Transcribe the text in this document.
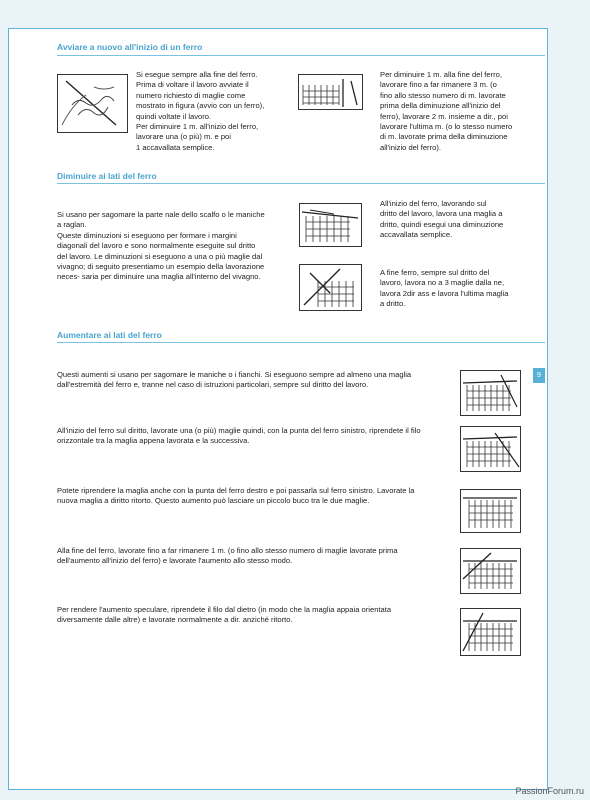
Avviare a nuovo all'inizio di un ferro
Si esegue sempre alla fine del ferro.
Prima di voltare il lavoro avviate il
numero richiesto di maglie come
mostrato in figura (avvio con un ferro),
quindi voltate il lavoro.
Per diminuire 1 m. all'inizio del ferro,
lavorare una (o più) m. e poi
1 accavallata semplice.
Per diminuire 1 m. alla fine del ferro,
lavorare fino a far rimanere 3 m. (o
fino allo stesso numero di m. lavorate
prima della diminuzione all'inizio del
ferro), lavorare 2 m. insieme a dir., poi
lavorare l'ultima m. (o lo stesso numero
di m. lavorate prima della diminuzione
all'inizio del ferro).
Diminuire ai lati del ferro
Si usano per sagomare la parte nale dello scalfo o le maniche
a raglan.
Queste diminuzioni si eseguono per formare i margini
diagonali del lavoro e sono normalmente eseguite sul dritto
del lavoro. Le diminuzioni si eseguono a una o più maglie dal
vivagno; di seguito presentiamo un esempio della lavorazione
neces- saria per diminuire una maglia all'interno del vivagno.
All'inizio del ferro, lavorando sul
dritto del lavoro, lavora una maglia a
dritto, quindi esegui una diminuzione
accavallata semplice.
A fine ferro, sempre sul dritto del
lavoro, lavora no a 3 maglie dalla ne,
lavora 2dir ass e lavora l'ultima maglia
a dritto.
Aumentare ai lati del ferro
Questi aumenti si usano per sagomare le maniche o i fianchi. Si eseguono sempre ad almeno una maglia
dall'estremità del ferro e, tranne nel caso di istruzioni particolari, sempre sul diritto del lavoro.
All'inizio del ferro sul diritto, lavorate una (o più) maglie quindi, con la punta del ferro sinistro, riprendete il filo
orizzontale tra la maglia appena lavorata e la successiva.
Potete riprendere la maglia anche con la punta del ferro destro e poi passarla sul ferro sinistro. Lavorate la
nuova maglia a diritto ritorto. Questo aumento può lasciare un piccolo buco tra le due maglie.
Alla fine del ferro, lavorate fino a far rimanere 1 m. (o fino allo stesso numero di maglie lavorate prima
dell'aumento all'inizio del ferro) e lavorate l'aumento allo stesso modo.
Per rendere l'aumento speculare, riprendete il filo dal dietro (in modo che la maglia appaia orientata
diversamente dalle altre) e lavorate normalmente a dir. anziché ritorto.
9
PassionForum.ru
